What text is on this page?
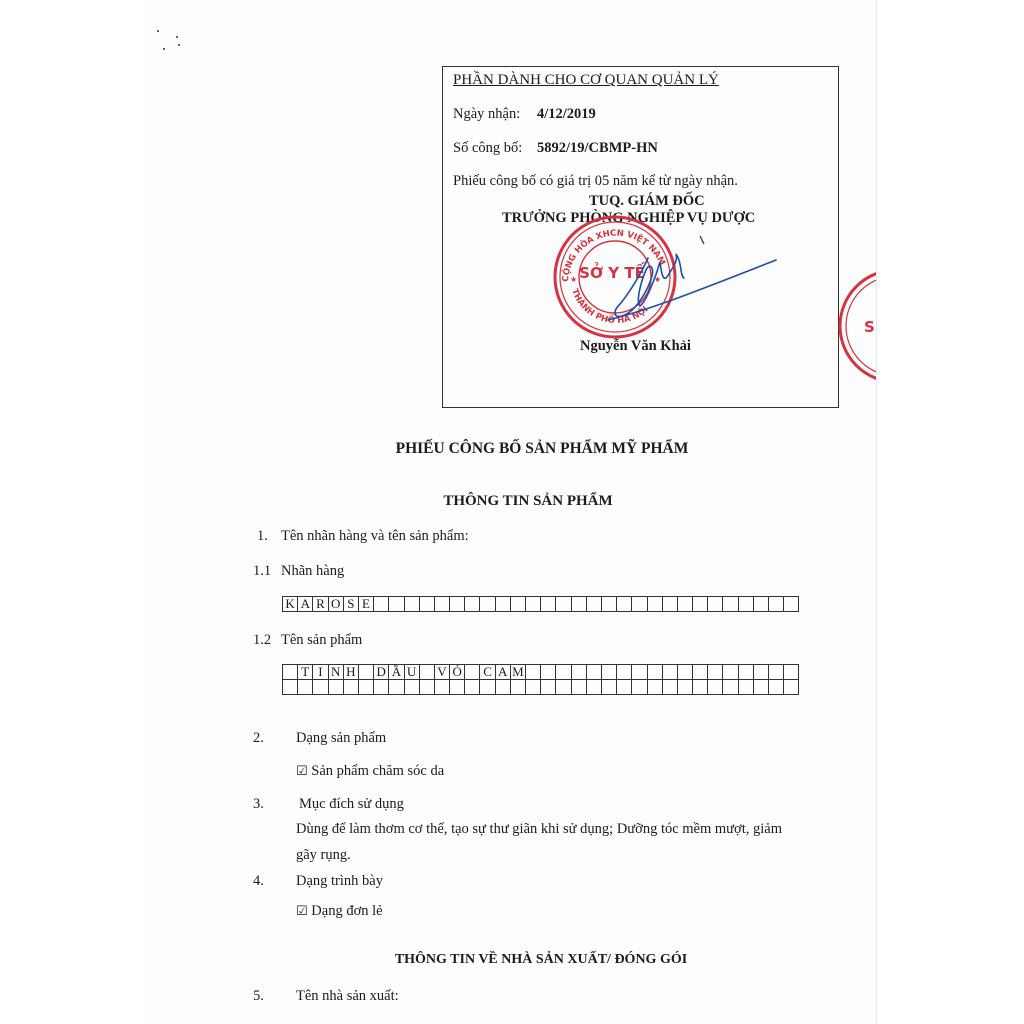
PHẦN DÀNH CHO CƠ QUAN QUẢN LÝ
Ngày nhận: 4/12/2019
Số công bố: 5892/19/CBMP-HN
Phiếu công bố có giá trị 05 năm kể từ ngày nhận.
TUQ. GIÁM ĐỐC
TRƯỞNG PHÒNG NGHIỆP VỤ DƯỢC
CỘNG HÒA XHCN VIỆT NAM
THÀNH PHỐ HÀ NỘI
SỞ Y TẾ
★	★
Nguyễn Văn Khải
S
PHIẾU CÔNG BỐ SẢN PHẨM MỸ PHẨM
THÔNG TIN SẢN PHẨM
1. Tên nhãn hàng và tên sản phẩm:
1.1 Nhãn hàng
K	A	R	O	S	E																												
1.2 Tên sản phẩm
	T	I	N	H		D	Ầ	U		V	Ỏ		C	A	M																		

2. Dạng sản phẩm
☑ Sản phẩm chăm sóc da
3. Mục đích sử dụng
Dùng để làm thơm cơ thể, tạo sự thư giãn khi sử dụng; Dưỡng tóc mềm mượt, giảm
gãy rụng.
4. Dạng trình bày
☑ Dạng đơn lẻ
THÔNG TIN VỀ NHÀ SẢN XUẤT/ ĐÓNG GÓI
5. Tên nhà sản xuất:
